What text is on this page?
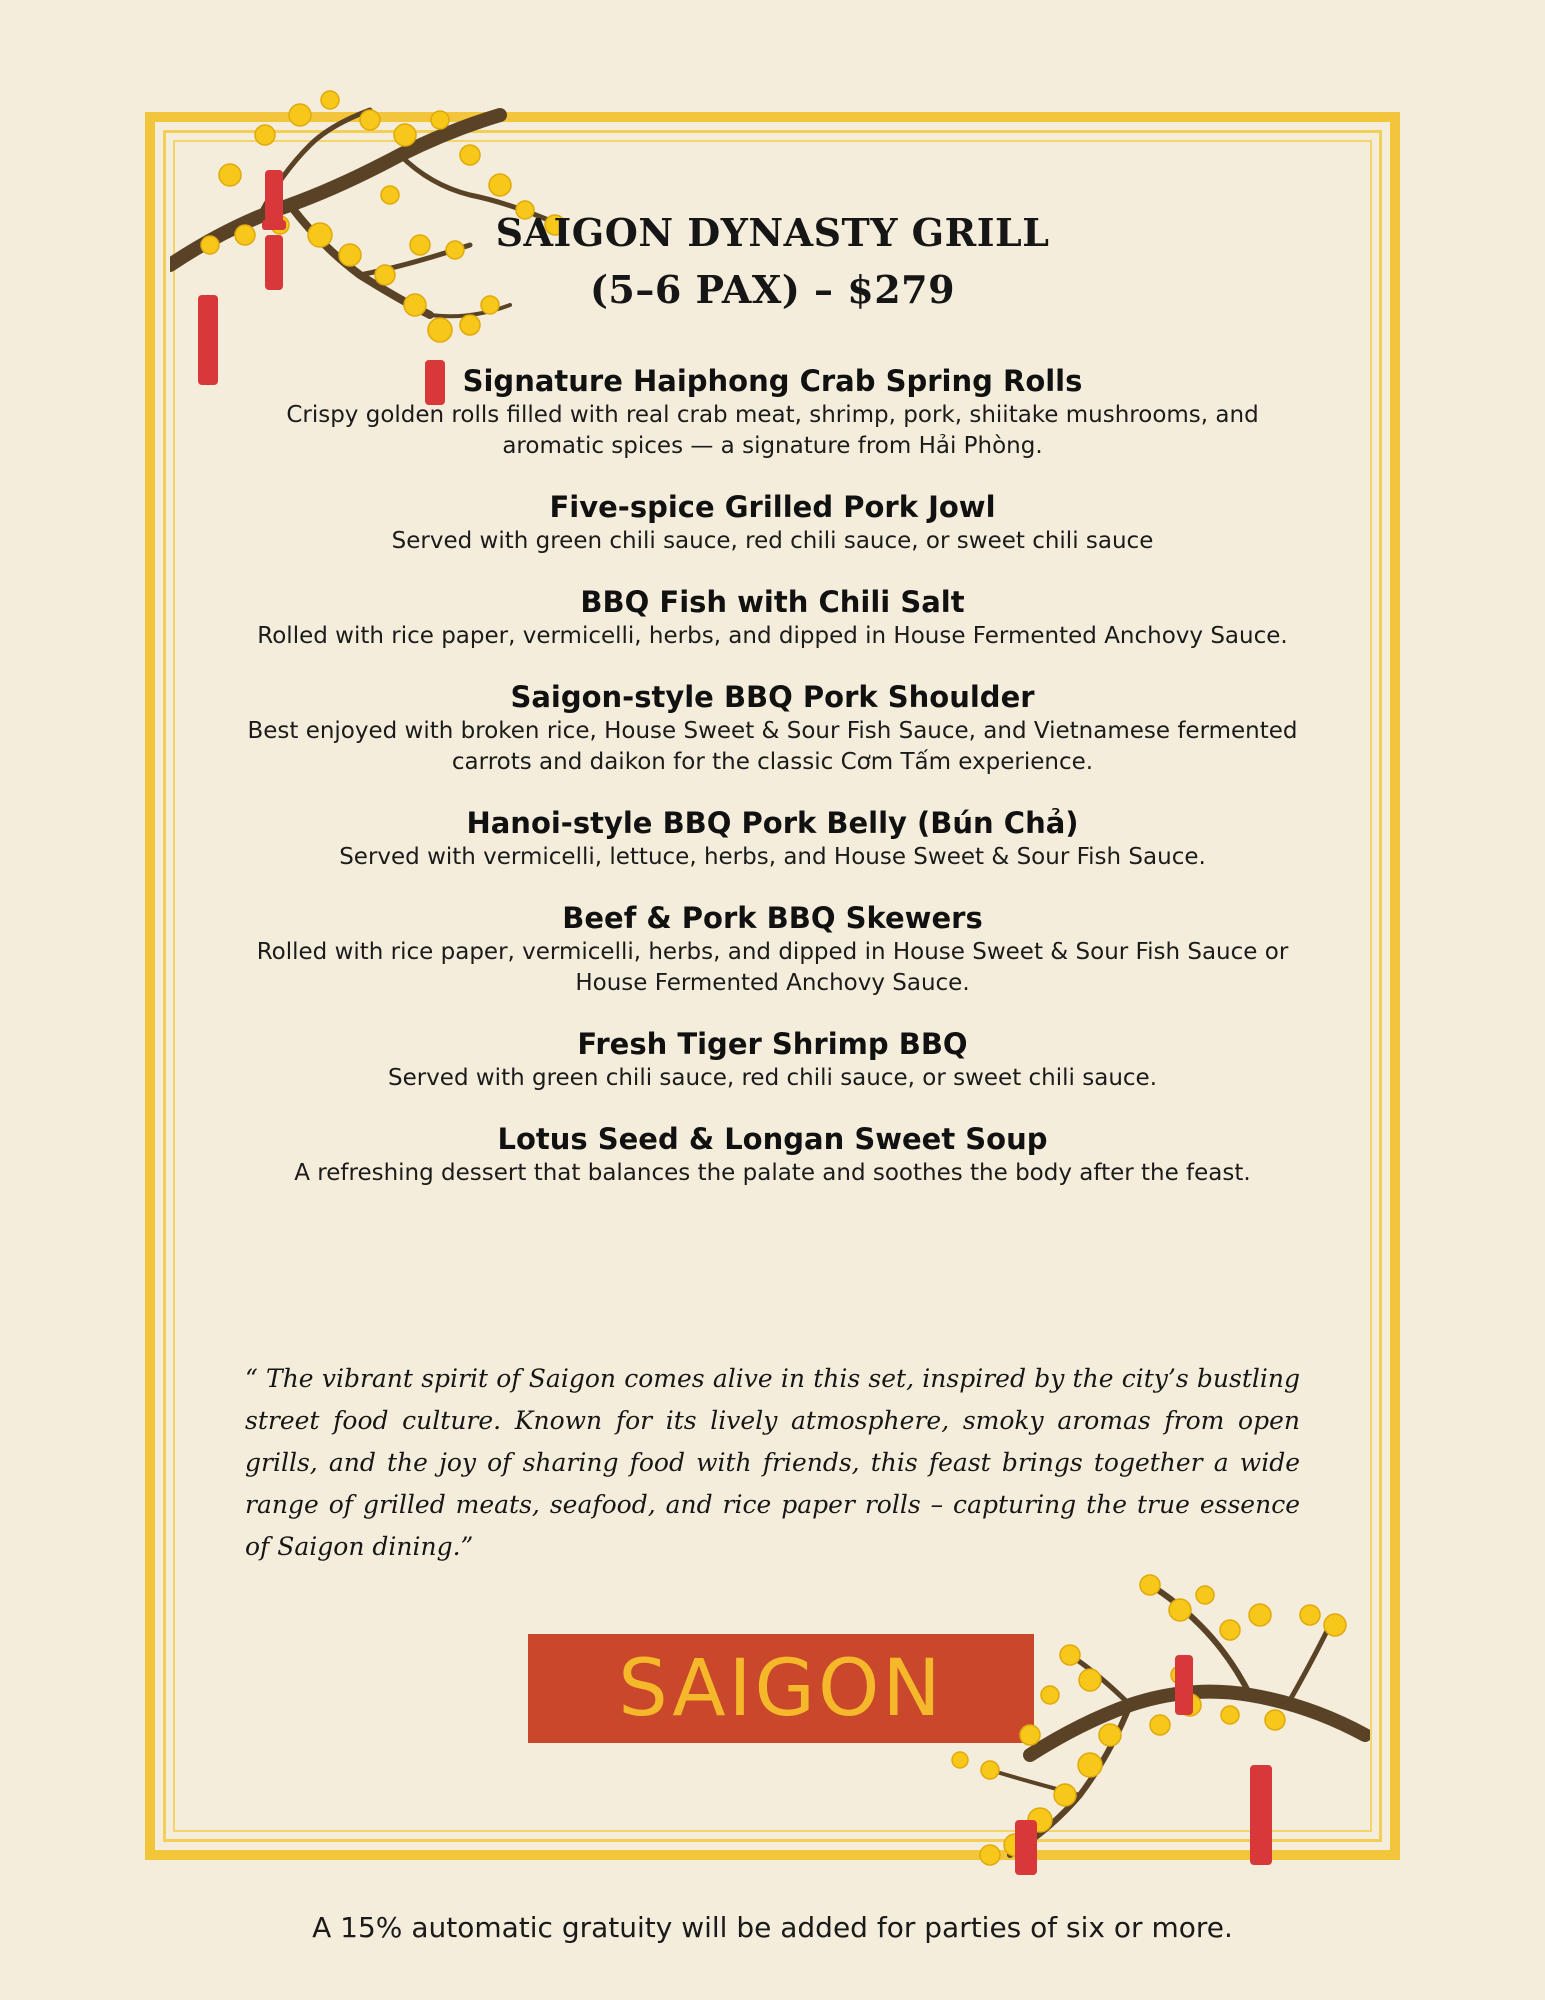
SAIGON DYNASTY GRILL
(5–6 PAX) – $279
Signature Haiphong Crab Spring Rolls
Crispy golden rolls filled with real crab meat, shrimp, pork, shiitake mushrooms, and aromatic spices — a signature from Hải Phòng.
Five-spice Grilled Pork Jowl
Served with green chili sauce, red chili sauce, or sweet chili sauce
BBQ Fish with Chili Salt
Rolled with rice paper, vermicelli, herbs, and dipped in House Fermented Anchovy Sauce.
Saigon-style BBQ Pork Shoulder
Best enjoyed with broken rice, House Sweet & Sour Fish Sauce, and Vietnamese fermented carrots and daikon for the classic Cơm Tấm experience.
Hanoi-style BBQ Pork Belly (Bún Chả)
Served with vermicelli, lettuce, herbs, and House Sweet & Sour Fish Sauce.
Beef & Pork BBQ Skewers
Rolled with rice paper, vermicelli, herbs, and dipped in House Sweet & Sour Fish Sauce or House Fermented Anchovy Sauce.
Fresh Tiger Shrimp BBQ
Served with green chili sauce, red chili sauce, or sweet chili sauce.
Lotus Seed & Longan Sweet Soup
A refreshing dessert that balances the palate and soothes the body after the feast.
“ The vibrant spirit of Saigon comes alive in this set, inspired by the city’s bustling street food culture. Known for its lively atmosphere, smoky aromas from open grills, and the joy of sharing food with friends, this feast brings together a wide range of grilled meats, seafood, and rice paper rolls – capturing the true essence of Saigon dining.”
SAIGON
A 15% automatic gratuity will be added for parties of six or more.
